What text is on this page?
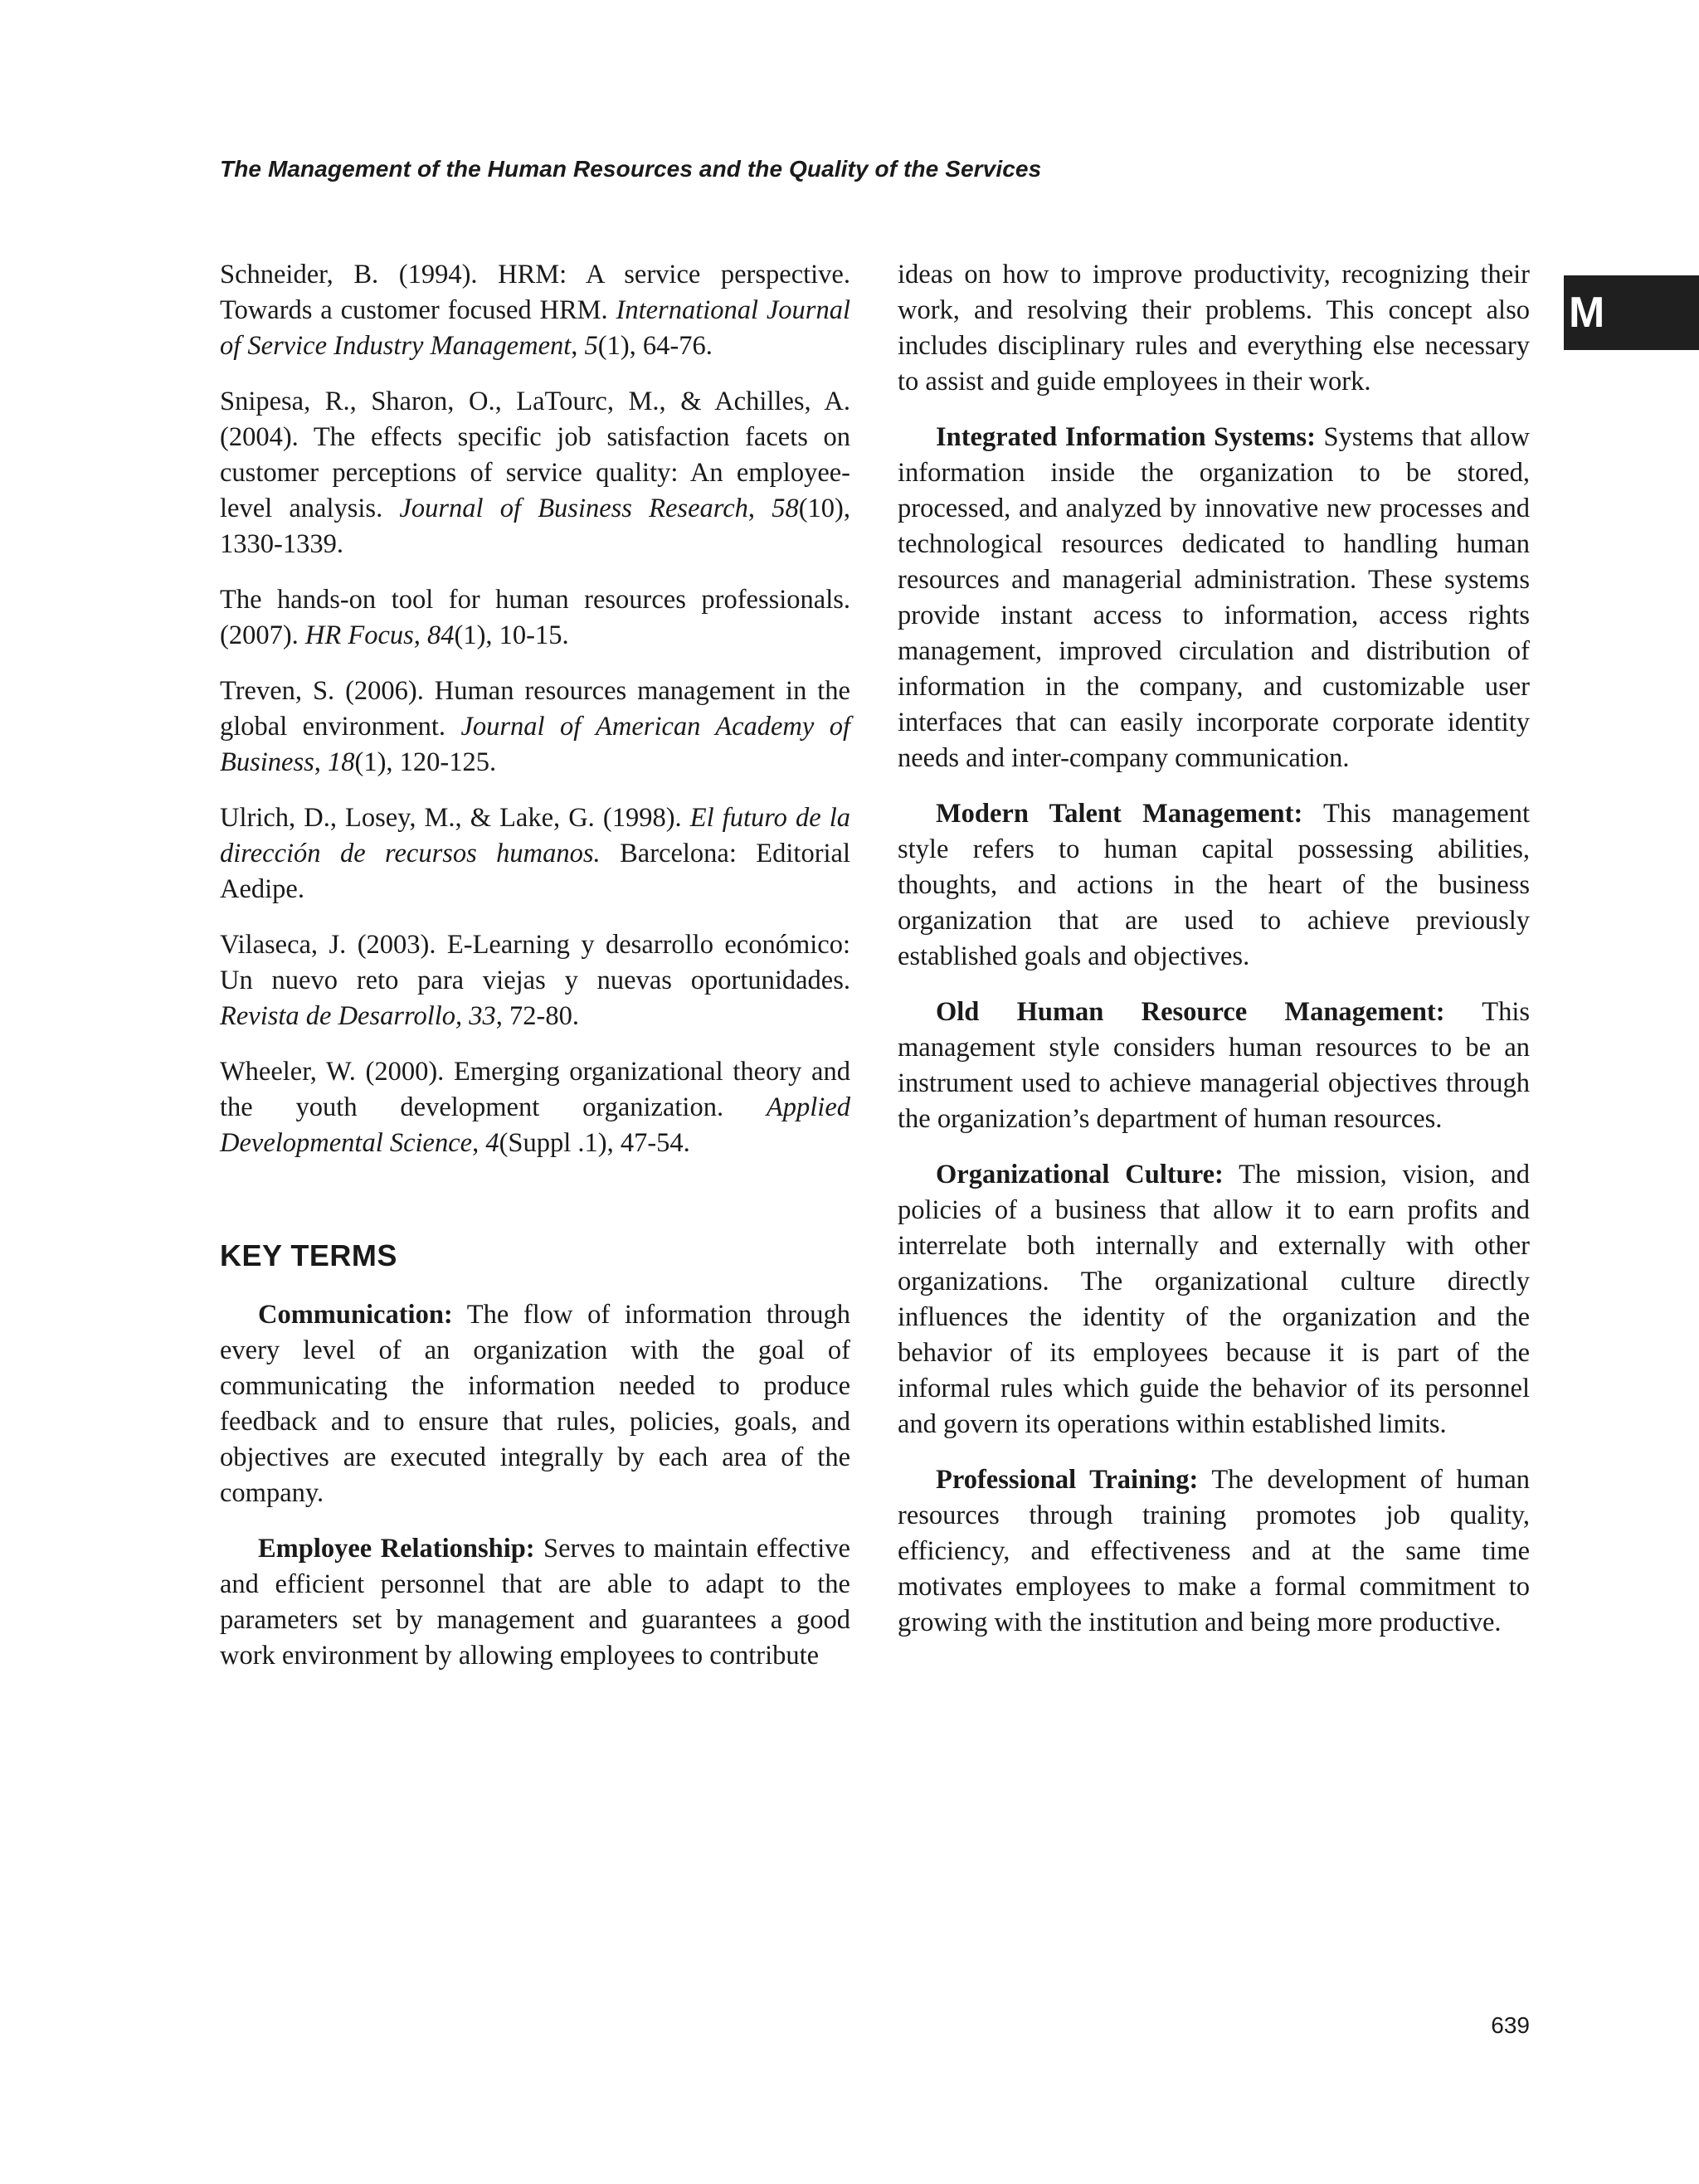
The Management of the Human Resources and the Quality of the Services
M

Schneider, B. (1994). HRM: A service perspective. Towards a customer focused HRM. International Journal of Service Industry Management, 5(1), 64-76.

Snipesa, R., Sharon, O., LaTourc, M., & Achilles, A. (2004). The effects specific job satisfaction facets on customer perceptions of service quality: An employee-level analysis. Journal of Business Research, 58(10), 1330-1339.

The hands-on tool for human resources professionals. (2007). HR Focus, 84(1), 10-15.

Treven, S. (2006). Human resources management in the global environment. Journal of American Academy of Business, 18(1), 120-125.

Ulrich, D., Losey, M., & Lake, G. (1998). El futuro de la dirección de recursos humanos. Barcelona: Editorial Aedipe.

Vilaseca, J. (2003). E-Learning y desarrollo económico: Un nuevo reto para viejas y nuevas oportunidades. Revista de Desarrollo, 33, 72-80.

Wheeler, W. (2000). Emerging organizational theory and the youth development organization. Applied Developmental Science, 4(Suppl .1), 47-54.

KEY TERMS

Communication: The flow of information through every level of an organization with the goal of communicating the information needed to produce feedback and to ensure that rules, policies, goals, and objectives are executed integrally by each area of the company.

Employee Relationship: Serves to maintain effective and efficient personnel that are able to adapt to the parameters set by management and guarantees a good work environment by allowing employees to contribute

ideas on how to improve productivity, recognizing their work, and resolving their problems. This concept also includes disciplinary rules and everything else necessary to assist and guide employees in their work.

Integrated Information Systems: Systems that allow information inside the organization to be stored, processed, and analyzed by innovative new processes and technological resources dedicated to handling human resources and managerial administration. These systems provide instant access to information, access rights management, improved circulation and distribution of information in the company, and customizable user interfaces that can easily incorporate corporate identity needs and inter-company communication.

Modern Talent Management: This management style refers to human capital possessing abilities, thoughts, and actions in the heart of the business organization that are used to achieve previously established goals and objectives.

Old Human Resource Management: This management style considers human resources to be an instrument used to achieve managerial objectives through the organization’s department of human resources.

Organizational Culture: The mission, vision, and policies of a business that allow it to earn profits and interrelate both internally and externally with other organizations. The organizational culture directly influences the identity of the organization and the behavior of its employees because it is part of the informal rules which guide the behavior of its personnel and govern its operations within established limits.

Professional Training: The development of human resources through training promotes job quality, efficiency, and effectiveness and at the same time motivates employees to make a formal commitment to growing with the institution and being more productive.

639
